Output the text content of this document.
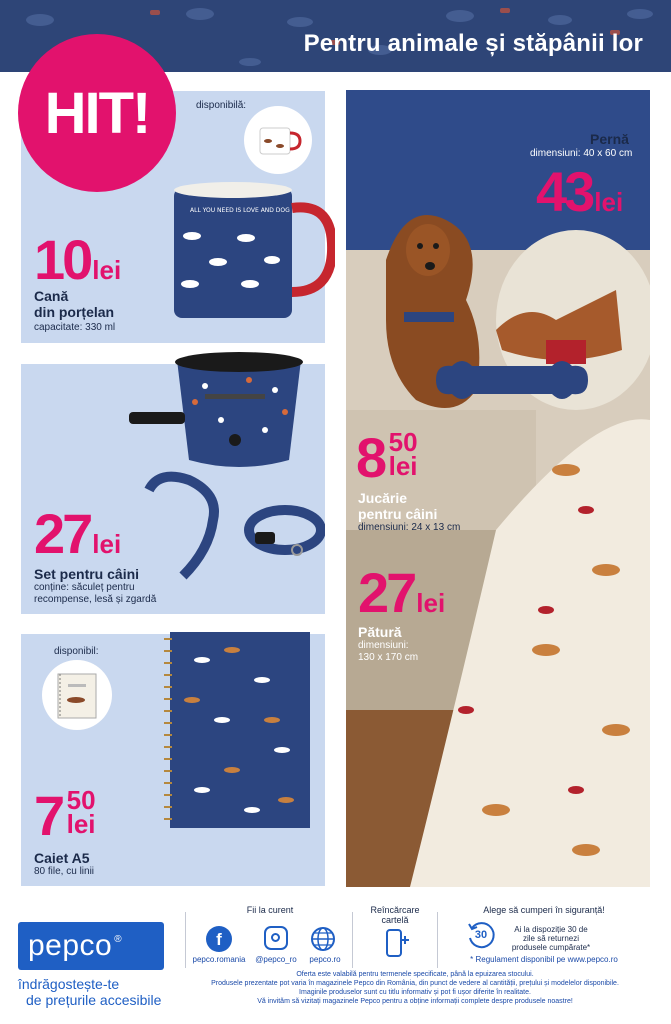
Pentru animale și stăpânii lor
HIT!	disponibilă:
ALL YOU NEED IS LOVE AND DOG
10lei
Cană
din porțelan
capacitate: 330 ml
27lei
Set pentru câini
conține: săculeț pentru
recompense, lesă și zgardă
disponibil:
7 50
lei
Caiet A5
80 file, cu linii
Pernă
dimensiuni: 40 x 60 cm
43lei
8 50
lei
Jucărie
pentru câini
dimensiuni: 24 x 13 cm
27lei
Pătură
dimensiuni:
130 x 170 cm
pepco ®
îndrăgostește-te
de prețurile accesibile
Fii la curent
f
pepco.romania	@pepco_ro	pepco.ro
Reîncărcare
cartelă
Alege să cumperi în siguranță!
30	Ai la dispoziție 30 de
zile să returnezi
produsele cumpărate*
* Regulament disponibil pe www.pepco.ro
Oferta este valabilă pentru termenele specificate, până la epuizarea stocului.
Produsele prezentate pot varia în magazinele Pepco din România, din punct de vedere al cantității, prețului și modelelor disponibile.
Imaginile produselor sunt cu titlu informativ și pot fi ușor diferite în realitate.
Vă invităm să vizitați magazinele Pepco pentru a obține informații complete despre produsele noastre!
